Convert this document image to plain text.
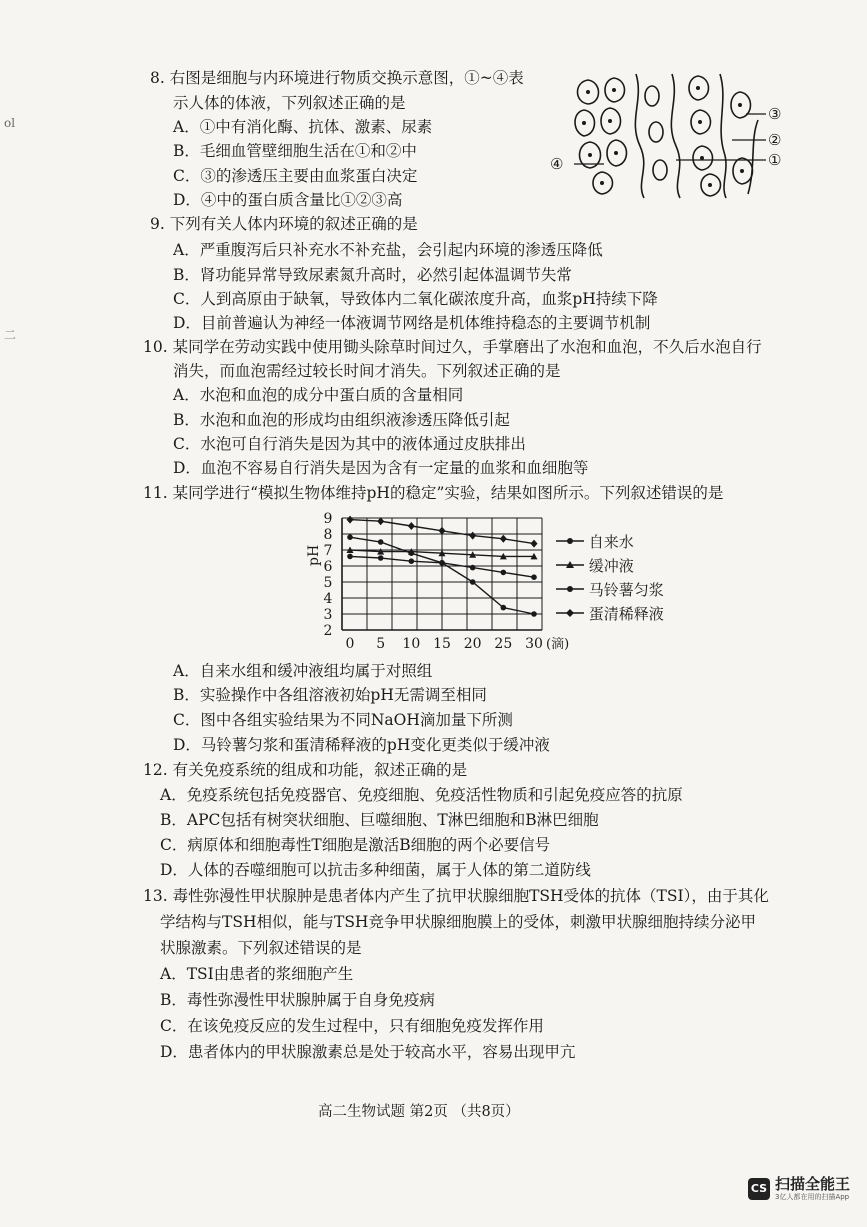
ol
二
8. 右图是细胞与内环境进行物质交换示意图，①~④表
示人体的体液，下列叙述正确的是
A．①中有消化酶、抗体、激素、尿素
B．毛细血管壁细胞生活在①和②中
C．③的渗透压主要由血浆蛋白决定
D．④中的蛋白质含量比①②③高
③
②
①
④
9. 下列有关人体内环境的叙述正确的是
A．严重腹泻后只补充水不补充盐，会引起内环境的渗透压降低
B．肾功能异常导致尿素氮升高时，必然引起体温调节失常
C．人到高原由于缺氧，导致体内二氧化碳浓度升高，血浆pH持续下降
D．目前普遍认为神经一体液调节网络是机体维持稳态的主要调节机制
10. 某同学在劳动实践中使用锄头除草时间过久，手掌磨出了水泡和血泡，不久后水泡自行
消失，而血泡需经过较长时间才消失。下列叙述正确的是
A．水泡和血泡的成分中蛋白质的含量相同
B．水泡和血泡的形成均由组织液渗透压降低引起
C．水泡可自行消失是因为其中的液体通过皮肤排出
D．血泡不容易自行消失是因为含有一定量的血浆和血细胞等
11. 某同学进行“模拟生物体维持pH的稳定”实验，结果如图所示。下列叙述错误的是
2
3
4
5
6
7
8
9
0 5 10 15 20 25 30
pH
(滴)
自来水
缓冲液
马铃薯匀浆
蛋清稀释液
A．自来水组和缓冲液组均属于对照组
B．实验操作中各组溶液初始pH无需调至相同
C．图中各组实验结果为不同NaOH滴加量下所测
D．马铃薯匀浆和蛋清稀释液的pH变化更类似于缓冲液
12. 有关免疫系统的组成和功能，叙述正确的是
A．免疫系统包括免疫器官、免疫细胞、免疫活性物质和引起免疫应答的抗原
B．APC包括有树突状细胞、巨噬细胞、T淋巴细胞和B淋巴细胞
C．病原体和细胞毒性T细胞是激活B细胞的两个必要信号
D．人体的吞噬细胞可以抗击多种细菌，属于人体的第二道防线
13. 毒性弥漫性甲状腺肿是患者体内产生了抗甲状腺细胞TSH受体的抗体（TSI），由于其化
学结构与TSH相似，能与TSH竞争甲状腺细胞膜上的受体，刺激甲状腺细胞持续分泌甲
状腺激素。下列叙述错误的是
A．TSI由患者的浆细胞产生
B．毒性弥漫性甲状腺肿属于自身免疫病
C．在该免疫反应的发生过程中，只有细胞免疫发挥作用
D．患者体内的甲状腺激素总是处于较高水平，容易出现甲亢
高二生物试题 第2页 （共8页）
CS 扫描全能王
3亿人都在用的扫描App
